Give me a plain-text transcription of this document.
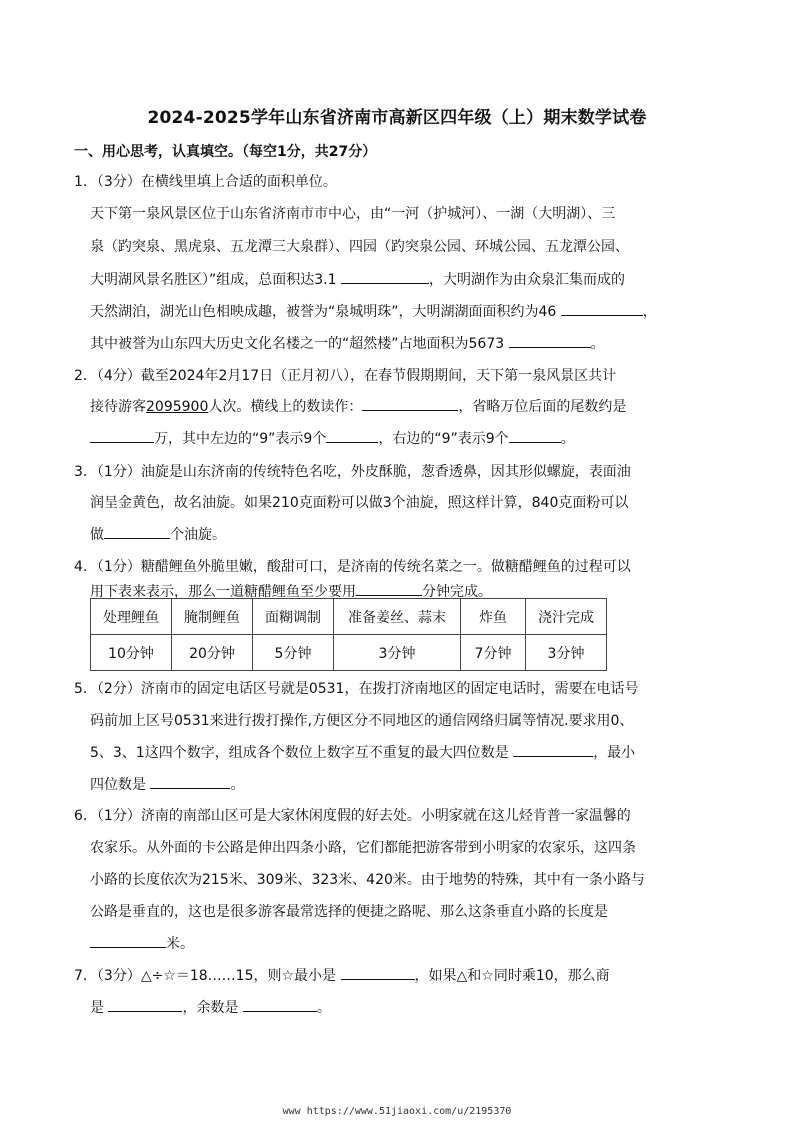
2024-2025学年山东省济南市高新区四年级（上）期末数学试卷
一、用心思考，认真填空。（每空1分，共27分）
1．（3分）在横线里填上合适的面积单位。
天下第一泉风景区位于山东省济南市市中心，由“一河（护城河）、一湖（大明湖）、三
泉（趵突泉、黑虎泉、五龙潭三大泉群）、四园（趵突泉公园、环城公园、五龙潭公园、
大明湖风景名胜区）”组成，总面积达3.1	，大明湖作为由众泉汇集而成的
天然湖泊，湖光山色相映成趣，被誉为“泉城明珠”，大明湖湖面面积约为46	，
其中被誉为山东四大历史文化名楼之一的“超然楼”占地面积为5673	。
2．（4分）截至2024年2月17日（正月初八），在春节假期期间，天下第一泉风景区共计
接待游客2095900人次。横线上的数读作：	，省略万位后面的尾数约是
万，其中左边的“9”表示9个	，右边的“9”表示9个	。
3．（1分）油旋是山东济南的传统特色名吃，外皮酥脆，葱香透鼻，因其形似螺旋，表面油
润呈金黄色，故名油旋。如果210克面粉可以做3个油旋，照这样计算，840克面粉可以
做	个油旋。
4．（1分）糖醋鲤鱼外脆里嫩，酸甜可口，是济南的传统名菜之一。做糖醋鲤鱼的过程可以
用下表来表示，那么一道糖醋鲤鱼至少要用	分钟完成。
处理鲤鱼	腌制鲤鱼	面糊调制	准备姜丝、蒜末	炸鱼	浇汁完成
10分钟	20分钟	5分钟	3分钟	7分钟	3分钟
5．（2分）济南市的固定电话区号就是0531，在拨打济南地区的固定电话时，需要在电话号
码前加上区号0531来进行拨打操作,方便区分不同地区的通信网络归属等情况.要求用0、
5、3、1这四个数字，组成各个数位上数字互不重复的最大四位数是	，最小
四位数是	。
6．（1分）济南的南部山区可是大家休闲度假的好去处。小明家就在这儿烃肯普一家温馨的
农家乐。从外面的卡公路是伸出四条小路，它们都能把游客带到小明家的农家乐，这四条
小路的长度依次为215米、309米、323米、420米。由于地势的特殊，其中有一条小路与
公路是垂直的，这也是很多游客最常选择的便捷之路呢、那么这条垂直小路的长度是
米。
7．（3分）△÷☆＝18……15，则☆最小是	，如果△和☆同时乘10，那么商
是	，余数是	。
www https://www.51jiaoxi.com/u/2195370
